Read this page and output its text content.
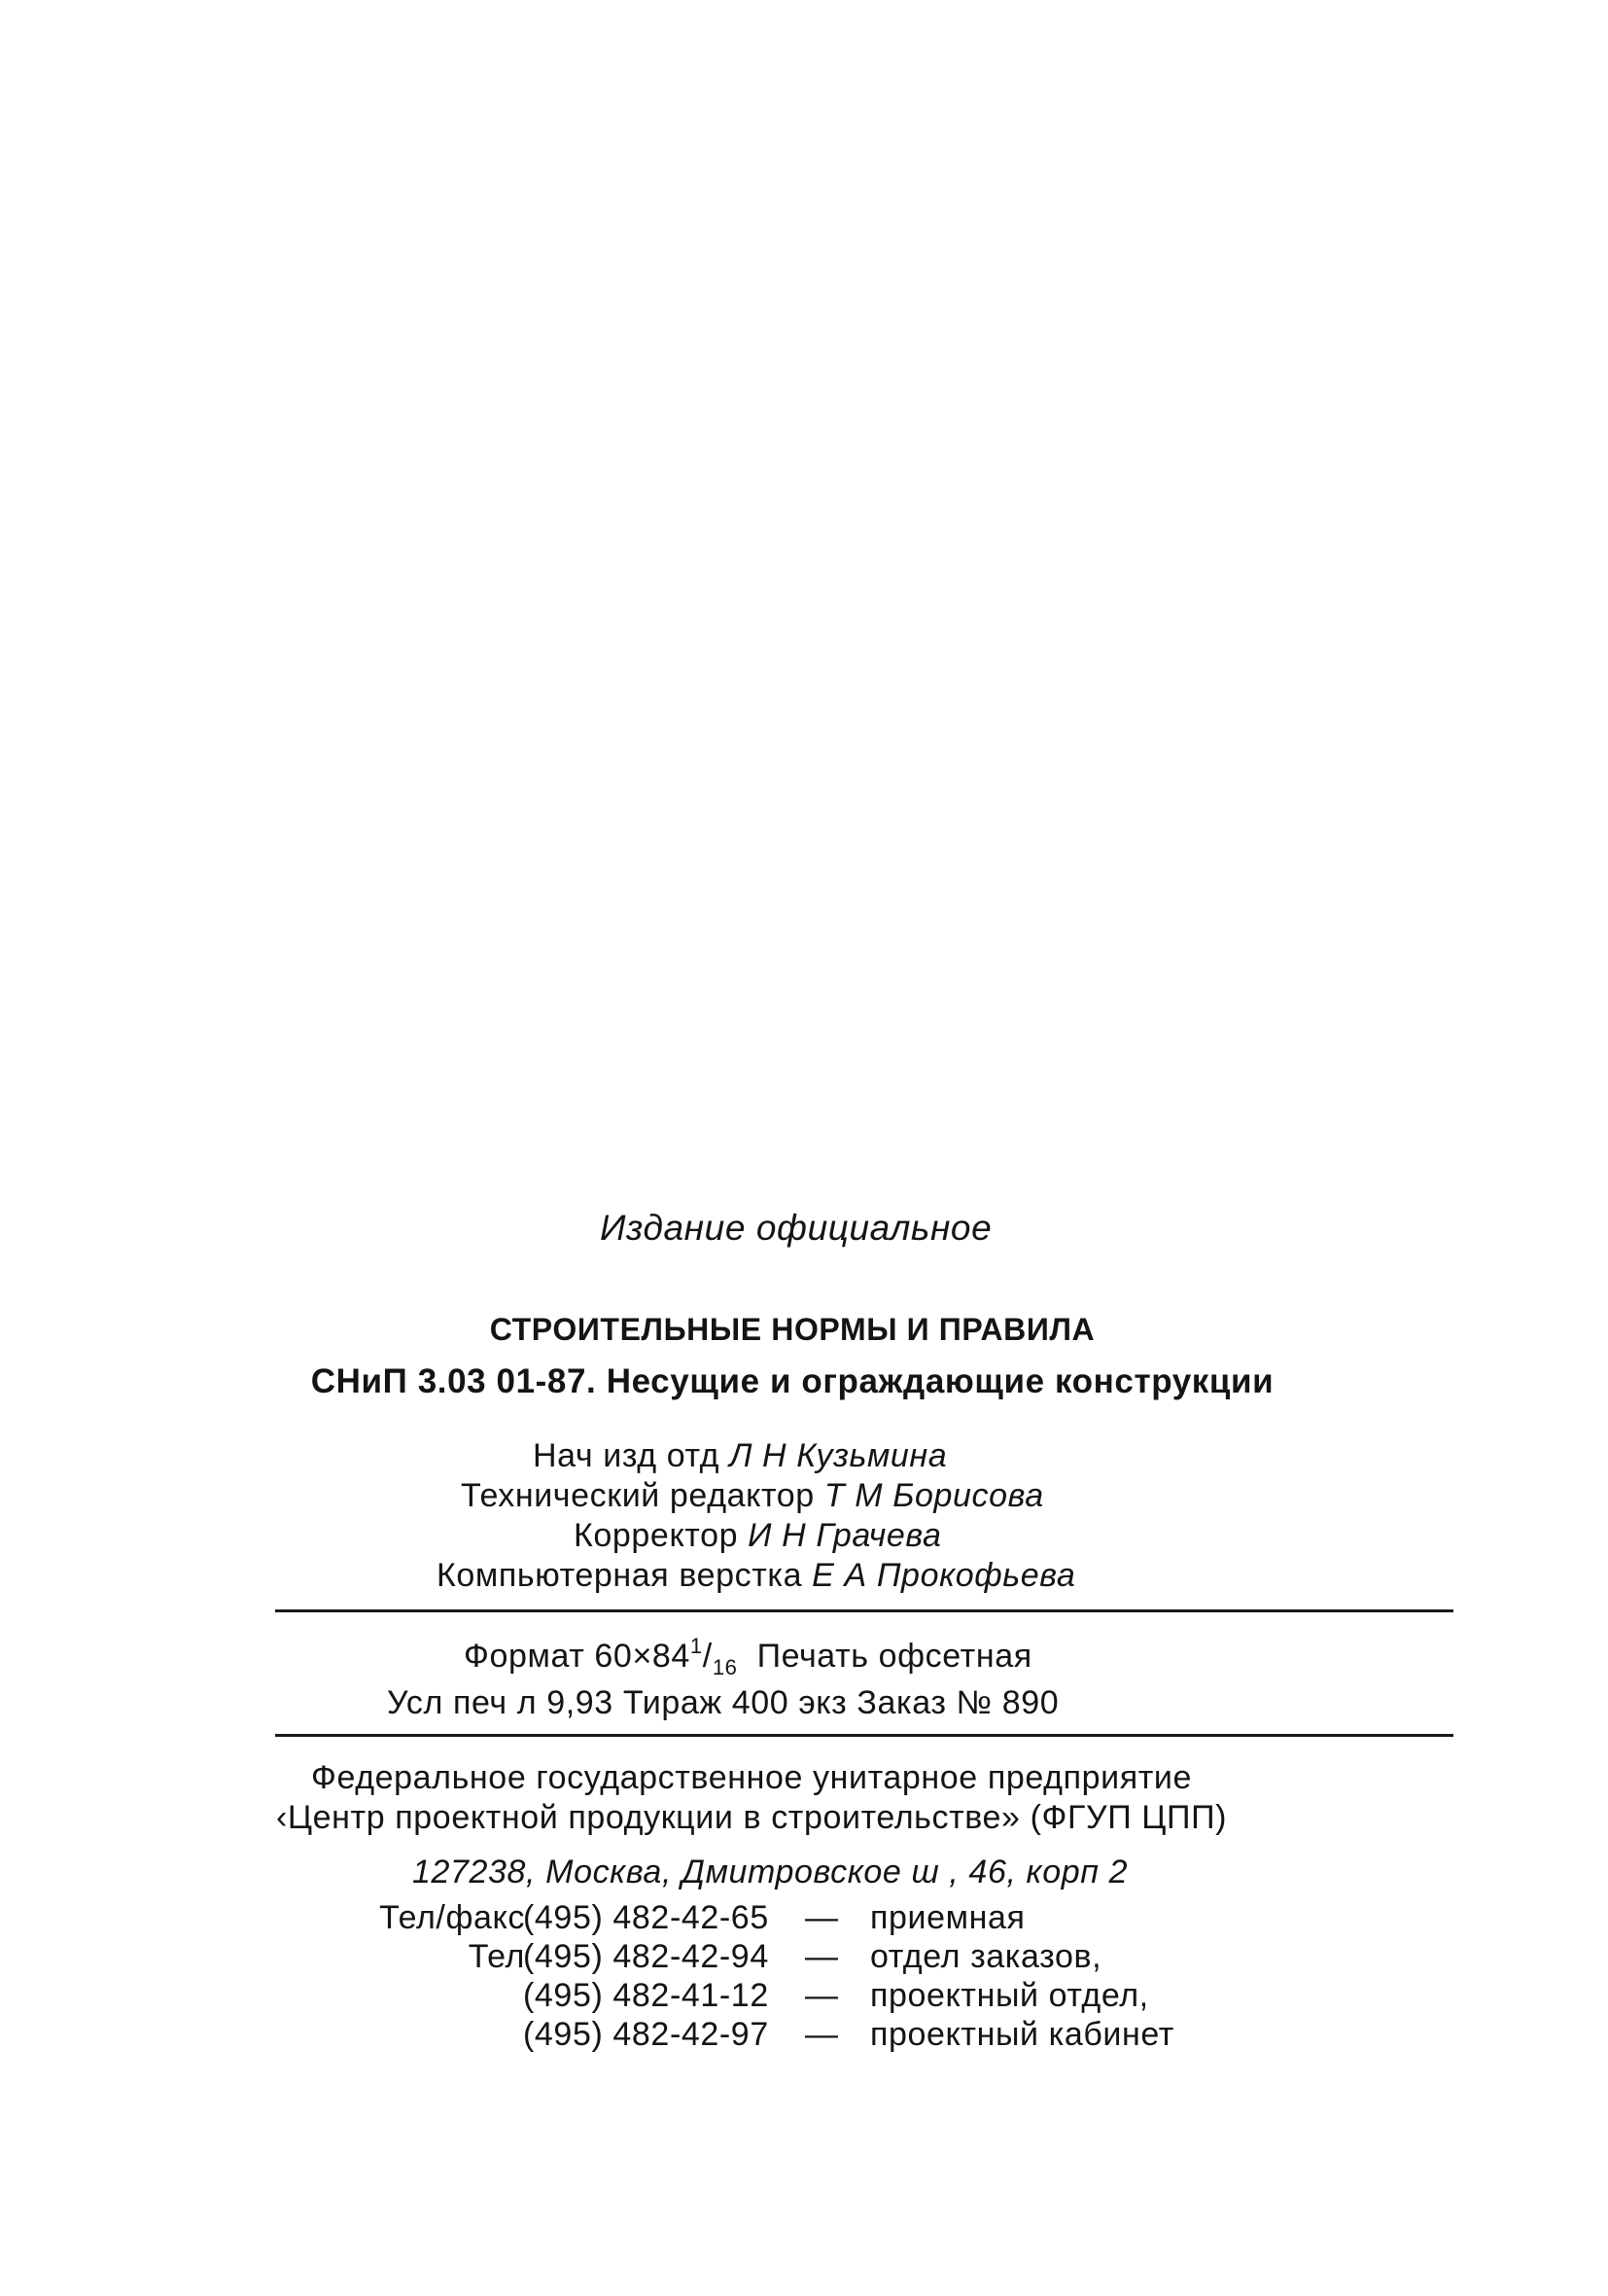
Издание официальное
СТРОИТЕЛЬНЫЕ НОРМЫ И ПРАВИЛА
СНиП 3.03 01-87. Несущие и ограждающие конструкции
Нач изд отд Л Н Кузьмина
Технический редактор Т М Борисова
Корректор И Н Грачева
Компьютерная верстка Е А Прокофьева
Формат $60\times 84^1/_{16}$ Печать офсетная
Усл печ л 9,93 Тираж 400 экз Заказ № 890
Федеральное государственное унитарное предприятие
‹Центр проектной продукции в строительстве» (ФГУП ЦПП)
127238, Москва, Дмитровское ш , 46, корп 2
Тел/факс
(495) 482-42-65 — приемная
Тел
(495) 482-42-94 — отдел заказов,
(495) 482-41-12 — проектный отдел,
(495) 482-42-97 — проектный кабинет
